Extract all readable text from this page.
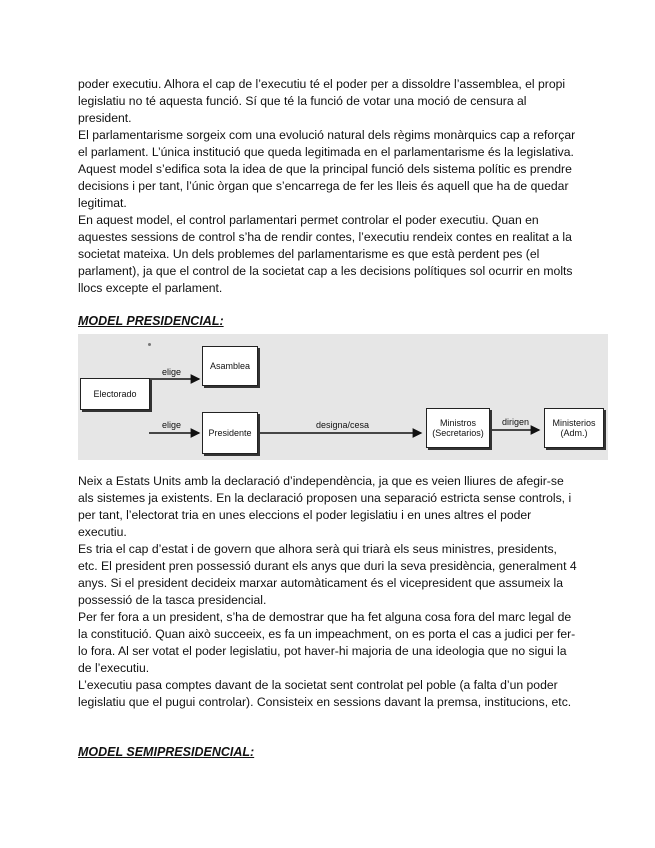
poder executiu. Alhora el cap de l’executiu té el poder per a dissoldre l’assemblea, el propi legislatiu no té aquesta funció. Sí que té la funció de votar una moció de censura al president.

El parlamentarisme sorgeix com una evolució natural dels règims monàrquics cap a reforçar el parlament. L’única institució que queda legitimada en el parlamentarisme és la legislativa. Aquest model s’edifica sota la idea de que la principal funció dels sistema polític es prendre decisions i per tant, l’únic òrgan que s’encarrega de fer les lleis és aquell que ha de quedar legitimat.

En aquest model, el control parlamentari permet controlar el poder executiu. Quan en aquestes sessions de control s’ha de rendir contes, l’executiu rendeix contes en realitat a la societat mateixa. Un dels problemes del parlamentarisme es que està perdent pes (el parlament), ja que el control de la societat cap a les decisions polítiques sol ocurrir en molts llocs excepte el parlament.

MODEL PRESIDENCIAL:

Electorado
Asamblea
Presidente
Ministros
(Secretarios)
Ministerios
(Adm.)
elige
elige	designa/cesa	dirigen

Neix a Estats Units amb la declaració d’independència, ja que es veien lliures de afegir-se als sistemes ja existents. En la declaració proposen una separació estricta sense controls, i per tant, l’electorat tria en unes eleccions el poder legislatiu i en unes altres el poder executiu.

Es tria el cap d’estat i de govern que alhora serà qui triarà els seus ministres, presidents, etc. El president pren possessió durant els anys que duri la seva presidència, generalment 4 anys. Si el president decideix marxar automàticament és el vicepresident que assumeix la possessió de la tasca presidencial.

Per fer fora a un president, s’ha de demostrar que ha fet alguna cosa fora del marc legal de la constitució. Quan això succeeix, es fa un impeachment, on es porta el cas a judici per fer-lo fora. Al ser votat el poder legislatiu, pot haver-hi majoria de una ideologia que no sigui la de l’executiu.

L’executiu pasa comptes davant de la societat sent controlat pel poble (a falta d’un poder legislatiu que el pugui controlar). Consisteix en sessions davant la premsa, institucions, etc.

MODEL SEMIPRESIDENCIAL:
